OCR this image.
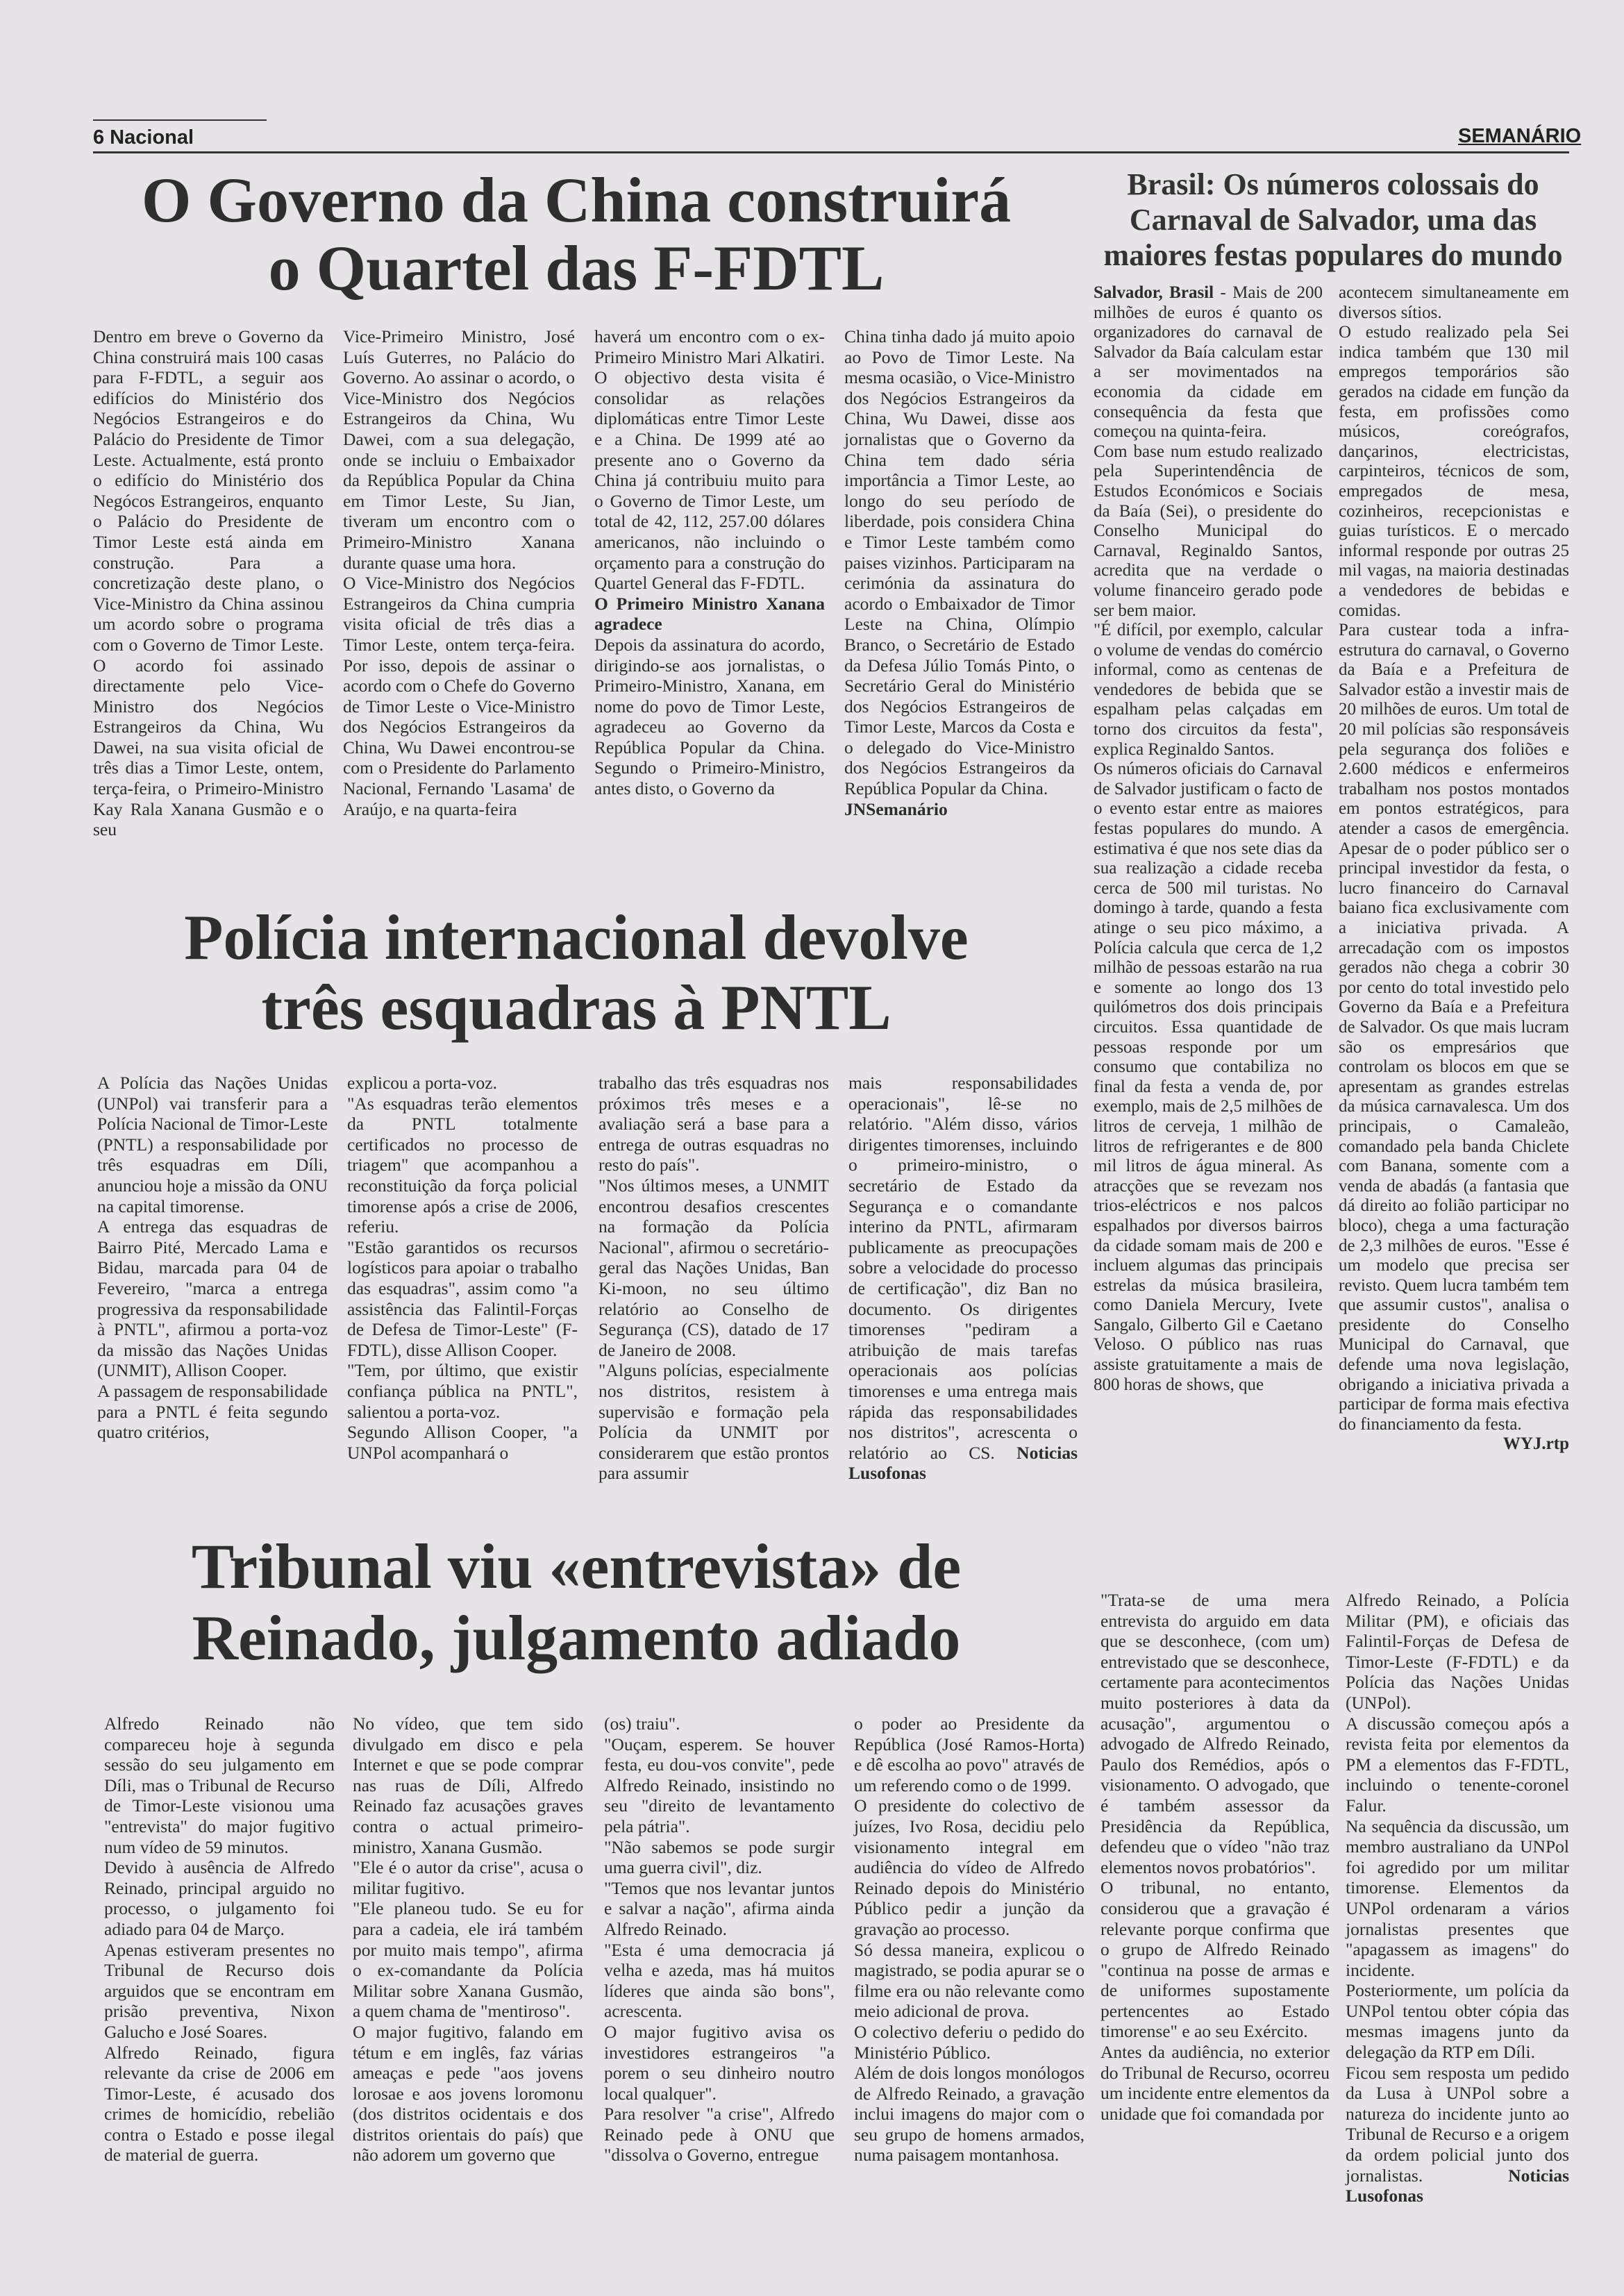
6 Nacional	SEMANÁRIO
O Governo da China construirá
o Quartel das F-FDTL

Dentro em breve o Governo da China construirá mais 100 casas para F-FDTL, a seguir aos edifícios do Ministério dos Negócios Estrangeiros e do Palácio do Presidente de Timor Leste. Actualmente, está pronto o edifício do Ministério dos Negócos Estrangeiros, enquanto o Palácio do Presidente de Timor Leste está ainda em construção. Para a concretização deste plano, o Vice-Ministro da China assinou um acordo sobre o programa com o Governo de Timor Leste. O acordo foi assinado directamente pelo Vice- Ministro dos Negócios Estrangeiros da China, Wu Dawei, na sua visita oficial de três dias a Timor Leste, ontem, terça-feira, o Primeiro-Ministro Kay Rala Xanana Gusmão e o seu

Vice-Primeiro Ministro, José Luís Guterres, no Palácio do Governo. Ao assinar o acordo, o Vice-Ministro dos Negócios Estrangeiros da China, Wu Dawei, com a sua delegação, onde se incluiu o Embaixador da República Popular da China em Timor Leste, Su Jian, tiveram um encontro com o Primeiro-Ministro Xanana durante quase uma hora.

O Vice-Ministro dos Negócios Estrangeiros da China cumpria visita oficial de três dias a Timor Leste, ontem terça-feira. Por isso, depois de assinar o acordo com o Chefe do Governo de Timor Leste o Vice-Ministro dos Negócios Estrangeiros da China, Wu Dawei encontrou-se com o Presidente do Parlamento Nacional, Fernando 'Lasama' de Araújo, e na quarta-feira

haverá um encontro com o ex-Primeiro Ministro Mari Alkatiri. O objectivo desta visita é consolidar as relações diplomáticas entre Timor Leste e a China. De 1999 até ao presente ano o Governo da China já contribuiu muito para o Governo de Timor Leste, um total de 42, 112, 257.00 dólares americanos, não incluindo o orçamento para a construção do Quartel General das F-FDTL.

O Primeiro Ministro Xanana agradece

Depois da assinatura do acordo, dirigindo-se aos jornalistas, o Primeiro-Ministro, Xanana, em nome do povo de Timor Leste, agradeceu ao Governo da República Popular da China. Segundo o Primeiro-Ministro, antes disto, o Governo da

China tinha dado já muito apoio ao Povo de Timor Leste. Na mesma ocasião, o Vice-Ministro dos Negócios Estrangeiros da China, Wu Dawei, disse aos jornalistas que o Governo da China tem dado séria importância a Timor Leste, ao longo do seu período de liberdade, pois considera China e Timor Leste também como paises vizinhos. Participaram na cerimónia da assinatura do acordo o Embaixador de Timor Leste na China, Olímpio Branco, o Secretário de Estado da Defesa Júlio Tomás Pinto, o Secretário Geral do Ministério dos Negócios Estrangeiros de Timor Leste, Marcos da Costa e o delegado do Vice-Ministro dos Negócios Estrangeiros da República Popular da China.

JNSemanário

Brasil: Os números colossais do Carnaval de Salvador, uma das maiores festas populares do mundo

Salvador, Brasil - Mais de 200 milhões de euros é quanto os organizadores do carnaval de Salvador da Baía calculam estar a ser movimentados na economia da cidade em consequência da festa que começou na quinta-feira.

Com base num estudo realizado pela Superintendência de Estudos Económicos e Sociais da Baía (Sei), o presidente do Conselho Municipal do Carnaval, Reginaldo Santos, acredita que na verdade o volume financeiro gerado pode ser bem maior.

"É difícil, por exemplo, calcular o volume de vendas do comércio informal, como as centenas de vendedores de bebida que se espalham pelas calçadas em torno dos circuitos da festa", explica Reginaldo Santos.

Os números oficiais do Carnaval de Salvador justificam o facto de o evento estar entre as maiores festas populares do mundo. A estimativa é que nos sete dias da sua realização a cidade receba cerca de 500 mil turistas. No domingo à tarde, quando a festa atinge o seu pico máximo, a Polícia calcula que cerca de 1,2 milhão de pessoas estarão na rua e somente ao longo dos 13 quilómetros dos dois principais circuitos. Essa quantidade de pessoas responde por um consumo que contabiliza no final da festa a venda de, por exemplo, mais de 2,5 milhões de litros de cerveja, 1 milhão de litros de refrigerantes e de 800 mil litros de água mineral. As atracções que se revezam nos trios-eléctricos e nos palcos espalhados por diversos bairros da cidade somam mais de 200 e incluem algumas das principais estrelas da música brasileira, como Daniela Mercury, Ivete Sangalo, Gilberto Gil e Caetano Veloso. O público nas ruas assiste gratuitamente a mais de 800 horas de shows, que

acontecem simultaneamente em diversos sítios.

O estudo realizado pela Sei indica também que 130 mil empregos temporários são gerados na cidade em função da festa, em profissões como músicos, coreógrafos, dançarinos, electricistas, carpinteiros, técnicos de som, empregados de mesa, cozinheiros, recepcionistas e guias turísticos. E o mercado informal responde por outras 25 mil vagas, na maioria destinadas a vendedores de bebidas e comidas.

Para custear toda a infra-estrutura do carnaval, o Governo da Baía e a Prefeitura de Salvador estão a investir mais de 20 milhões de euros. Um total de 20 mil polícias são responsáveis pela segurança dos foliões e 2.600 médicos e enfermeiros trabalham nos postos montados em pontos estratégicos, para atender a casos de emergência. Apesar de o poder público ser o principal investidor da festa, o lucro financeiro do Carnaval baiano fica exclusivamente com a iniciativa privada. A arrecadação com os impostos gerados não chega a cobrir 30 por cento do total investido pelo Governo da Baía e a Prefeitura de Salvador. Os que mais lucram são os empresários que controlam os blocos em que se apresentam as grandes estrelas da música carnavalesca. Um dos principais, o Camaleão, comandado pela banda Chiclete com Banana, somente com a venda de abadás (a fantasia que dá direito ao folião participar no bloco), chega a uma facturação de 2,3 milhões de euros. "Esse é um modelo que precisa ser revisto. Quem lucra também tem que assumir custos", analisa o presidente do Conselho Municipal do Carnaval, que defende uma nova legislação, obrigando a iniciativa privada a participar de forma mais efectiva do financiamento da festa.

WYJ.rtp

Polícia internacional devolve
três esquadras à PNTL

A Polícia das Nações Unidas (UNPol) vai transferir para a Polícia Nacional de Timor-Leste (PNTL) a responsabilidade por três esquadras em Díli, anunciou hoje a missão da ONU na capital timorense.

A entrega das esquadras de Bairro Pité, Mercado Lama e Bidau, marcada para 04 de Fevereiro, "marca a entrega progressiva da responsabilidade à PNTL", afirmou a porta-voz da missão das Nações Unidas (UNMIT), Allison Cooper.

A passagem de responsabilidade para a PNTL é feita segundo quatro critérios,

explicou a porta-voz.

"As esquadras terão elementos da PNTL totalmente certificados no processo de triagem" que acompanhou a reconstituição da força policial timorense após a crise de 2006, referiu.

"Estão garantidos os recursos logísticos para apoiar o trabalho das esquadras", assim como "a assistência das Falintil-Forças de Defesa de Timor-Leste" (F-FDTL), disse Allison Cooper.

"Tem, por último, que existir confiança pública na PNTL", salientou a porta-voz.

Segundo Allison Cooper, "a UNPol acompanhará o

trabalho das três esquadras nos próximos três meses e a avaliação será a base para a entrega de outras esquadras no resto do país".

"Nos últimos meses, a UNMIT encontrou desafios crescentes na formação da Polícia Nacional", afirmou o secretário-geral das Nações Unidas, Ban Ki-moon, no seu último relatório ao Conselho de Segurança (CS), datado de 17 de Janeiro de 2008.

"Alguns polícias, especialmente nos distritos, resistem à supervisão e formação pela Polícia da UNMIT por considerarem que estão prontos para assumir

mais responsabilidades operacionais", lê-se no relatório. "Além disso, vários dirigentes timorenses, incluindo o primeiro-ministro, o secretário de Estado da Segurança e o comandante interino da PNTL, afirmaram publicamente as preocupações sobre a velocidade do processo de certificação", diz Ban no documento. Os dirigentes timorenses "pediram a atribuição de mais tarefas operacionais aos polícias timorenses e uma entrega mais rápida das responsabilidades nos distritos", acrescenta o relatório ao CS. Noticias Lusofonas

Tribunal viu «entrevista» de
Reinado, julgamento adiado

Alfredo Reinado não compareceu hoje à segunda sessão do seu julgamento em Díli, mas o Tribunal de Recurso de Timor-Leste visionou uma "entrevista" do major fugitivo num vídeo de 59 minutos.

Devido à ausência de Alfredo Reinado, principal arguido no processo, o julgamento foi adiado para 04 de Março.

Apenas estiveram presentes no Tribunal de Recurso dois arguidos que se encontram em prisão preventiva, Nixon Galucho e José Soares.

Alfredo Reinado, figura relevante da crise de 2006 em Timor-Leste, é acusado dos crimes de homicídio, rebelião contra o Estado e posse ilegal de material de guerra.

No vídeo, que tem sido divulgado em disco e pela Internet e que se pode comprar nas ruas de Díli, Alfredo Reinado faz acusações graves contra o actual primeiro-ministro, Xanana Gusmão.

"Ele é o autor da crise", acusa o militar fugitivo.

"Ele planeou tudo. Se eu for para a cadeia, ele irá também por muito mais tempo", afirma o ex-comandante da Polícia Militar sobre Xanana Gusmão, a quem chama de "mentiroso".

O major fugitivo, falando em tétum e em inglês, faz várias ameaças e pede "aos jovens lorosae e aos jovens loromonu (dos distritos ocidentais e dos distritos orientais do país) que não adorem um governo que

(os) traiu".

"Ouçam, esperem. Se houver festa, eu dou-vos convite", pede Alfredo Reinado, insistindo no seu "direito de levantamento pela pátria".

"Não sabemos se pode surgir uma guerra civil", diz.

"Temos que nos levantar juntos e salvar a nação", afirma ainda Alfredo Reinado.

"Esta é uma democracia já velha e azeda, mas há muitos líderes que ainda são bons", acrescenta.

O major fugitivo avisa os investidores estrangeiros "a porem o seu dinheiro noutro local qualquer".

Para resolver "a crise", Alfredo Reinado pede à ONU que "dissolva o Governo, entregue

o poder ao Presidente da República (José Ramos-Horta) e dê escolha ao povo" através de um referendo como o de 1999.

O presidente do colectivo de juízes, Ivo Rosa, decidiu pelo visionamento integral em audiência do vídeo de Alfredo Reinado depois do Ministério Público pedir a junção da gravação ao processo.

Só dessa maneira, explicou o magistrado, se podia apurar se o filme era ou não relevante como meio adicional de prova.

O colectivo deferiu o pedido do Ministério Público.

Além de dois longos monólogos de Alfredo Reinado, a gravação inclui imagens do major com o seu grupo de homens armados, numa paisagem montanhosa.

"Trata-se de uma mera entrevista do arguido em data que se desconhece, (com um) entrevistado que se desconhece, certamente para acontecimentos muito posteriores à data da acusação", argumentou o advogado de Alfredo Reinado, Paulo dos Remédios, após o visionamento. O advogado, que é também assessor da Presidência da República, defendeu que o vídeo "não traz elementos novos probatórios".

O tribunal, no entanto, considerou que a gravação é relevante porque confirma que o grupo de Alfredo Reinado "continua na posse de armas e de uniformes supostamente pertencentes ao Estado timorense" e ao seu Exército.

Antes da audiência, no exterior do Tribunal de Recurso, ocorreu um incidente entre elementos da unidade que foi comandada por

Alfredo Reinado, a Polícia Militar (PM), e oficiais das Falintil-Forças de Defesa de Timor-Leste (F-FDTL) e da Polícia das Nações Unidas (UNPol).

A discussão começou após a revista feita por elementos da PM a elementos das F-FDTL, incluindo o tenente-coronel Falur.

Na sequência da discussão, um membro australiano da UNPol foi agredido por um militar timorense. Elementos da UNPol ordenaram a vários jornalistas presentes que "apagassem as imagens" do incidente.

Posteriormente, um polícia da UNPol tentou obter cópia das mesmas imagens junto da delegação da RTP em Díli.

Ficou sem resposta um pedido da Lusa à UNPol sobre a natureza do incidente junto ao Tribunal de Recurso e a origem da ordem policial junto dos jornalistas.	Noticias Lusofonas
